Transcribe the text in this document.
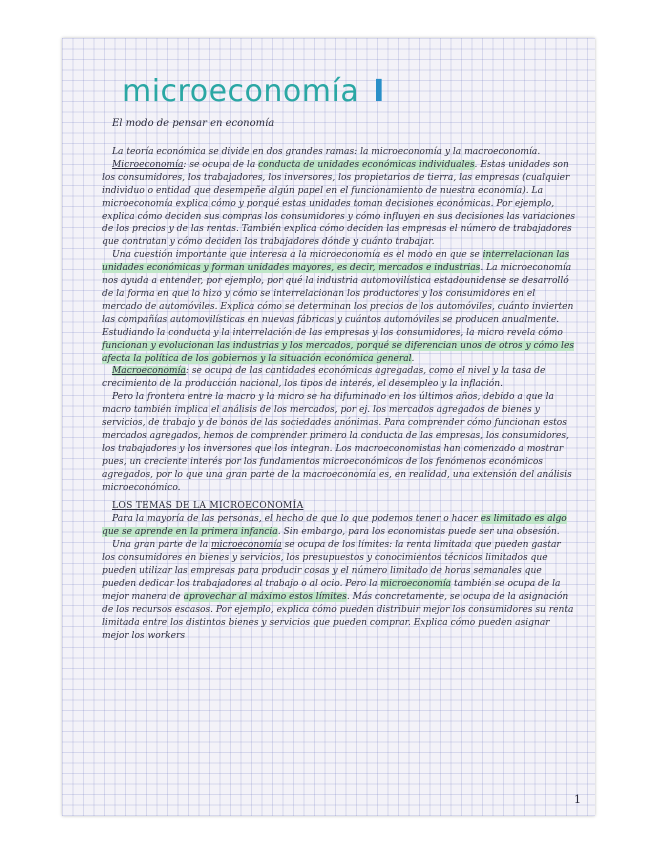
microeconomía I
El modo de pensar en economía

La teoría económica se divide en dos grandes ramas: la microeconomía y la macroeconomía.

Microeconomía: se ocupa de la conducta de unidades económicas individuales. Estas unidades son los consumidores, los trabajadores, los inversores, los propietarios de tierra, las empresas (cualquier individuo o entidad que desempeñe algún papel en el funcionamiento de nuestra economía). La microeconomía explica cómo y porqué estas unidades toman decisiones económicas. Por ejemplo, explica cómo deciden sus compras los consumidores y cómo influyen en sus decisiones las variaciones de los precios y de las rentas. También explica cómo deciden las empresas el número de trabajadores que contratan y cómo deciden los trabajadores dónde y cuánto trabajar.

Una cuestión importante que interesa a la microeconomía es el modo en que se interrelacionan las unidades económicas y forman unidades mayores, es decir, mercados e industrias. La microeconomía nos ayuda a entender, por ejemplo, por qué la industria automovilística estadounidense se desarrolló de la forma en que lo hizo y cómo se interrelacionan los productores y los consumidores en el mercado de automóviles. Explica cómo se determinan los precios de los automóviles, cuánto invierten las compañías automovilísticas en nuevas fábricas y cuántos automóviles se producen anualmente. Estudiando la conducta y la interrelación de las empresas y los consumidores, la micro revela cómo funcionan y evolucionan las industrias y los mercados, porqué se diferencian unos de otros y cómo les afecta la política de los gobiernos y la situación económica general.

Macroeconomía: se ocupa de las cantidades económicas agregadas, como el nivel y la tasa de crecimiento de la producción nacional, los tipos de interés, el desempleo y la inflación.

Pero la frontera entre la macro y la micro se ha difuminado en los últimos años, debido a que la macro también implica el análisis de los mercados, por ej. los mercados agregados de bienes y servicios, de trabajo y de bonos de las sociedades anónimas. Para comprender cómo funcionan estos mercados agregados, hemos de comprender primero la conducta de las empresas, los consumidores, los trabajadores y los inversores que los integran. Los macroeconomistas han comenzado a mostrar pues, un creciente interés por los fundamentos microeconómicos de los fenómenos económicos agregados, por lo que una gran parte de la macroeconomía es, en realidad, una extensión del análisis microeconómico.

LOS TEMAS DE LA MICROECONOMÍA

Para la mayoría de las personas, el hecho de que lo que podemos tener o hacer es limitado es algo que se aprende en la primera infancia. Sin embargo, para los economistas puede ser una obsesión.

Una gran parte de la microeconomía se ocupa de los límites: la renta limitada que pueden gastar los consumidores en bienes y servicios, los presupuestos y conocimientos técnicos limitados que pueden utilizar las empresas para producir cosas y el número limitado de horas semanales que pueden dedicar los trabajadores al trabajo o al ocio. Pero la microeconomía también se ocupa de la mejor manera de aprovechar al máximo estos límites. Más concretamente, se ocupa de la asignación de los recursos escasos. Por ejemplo, explica cómo pueden distribuir mejor los consumidores su renta limitada entre los distintos bienes y servicios que pueden comprar. Explica cómo pueden asignar mejor los workers

1
